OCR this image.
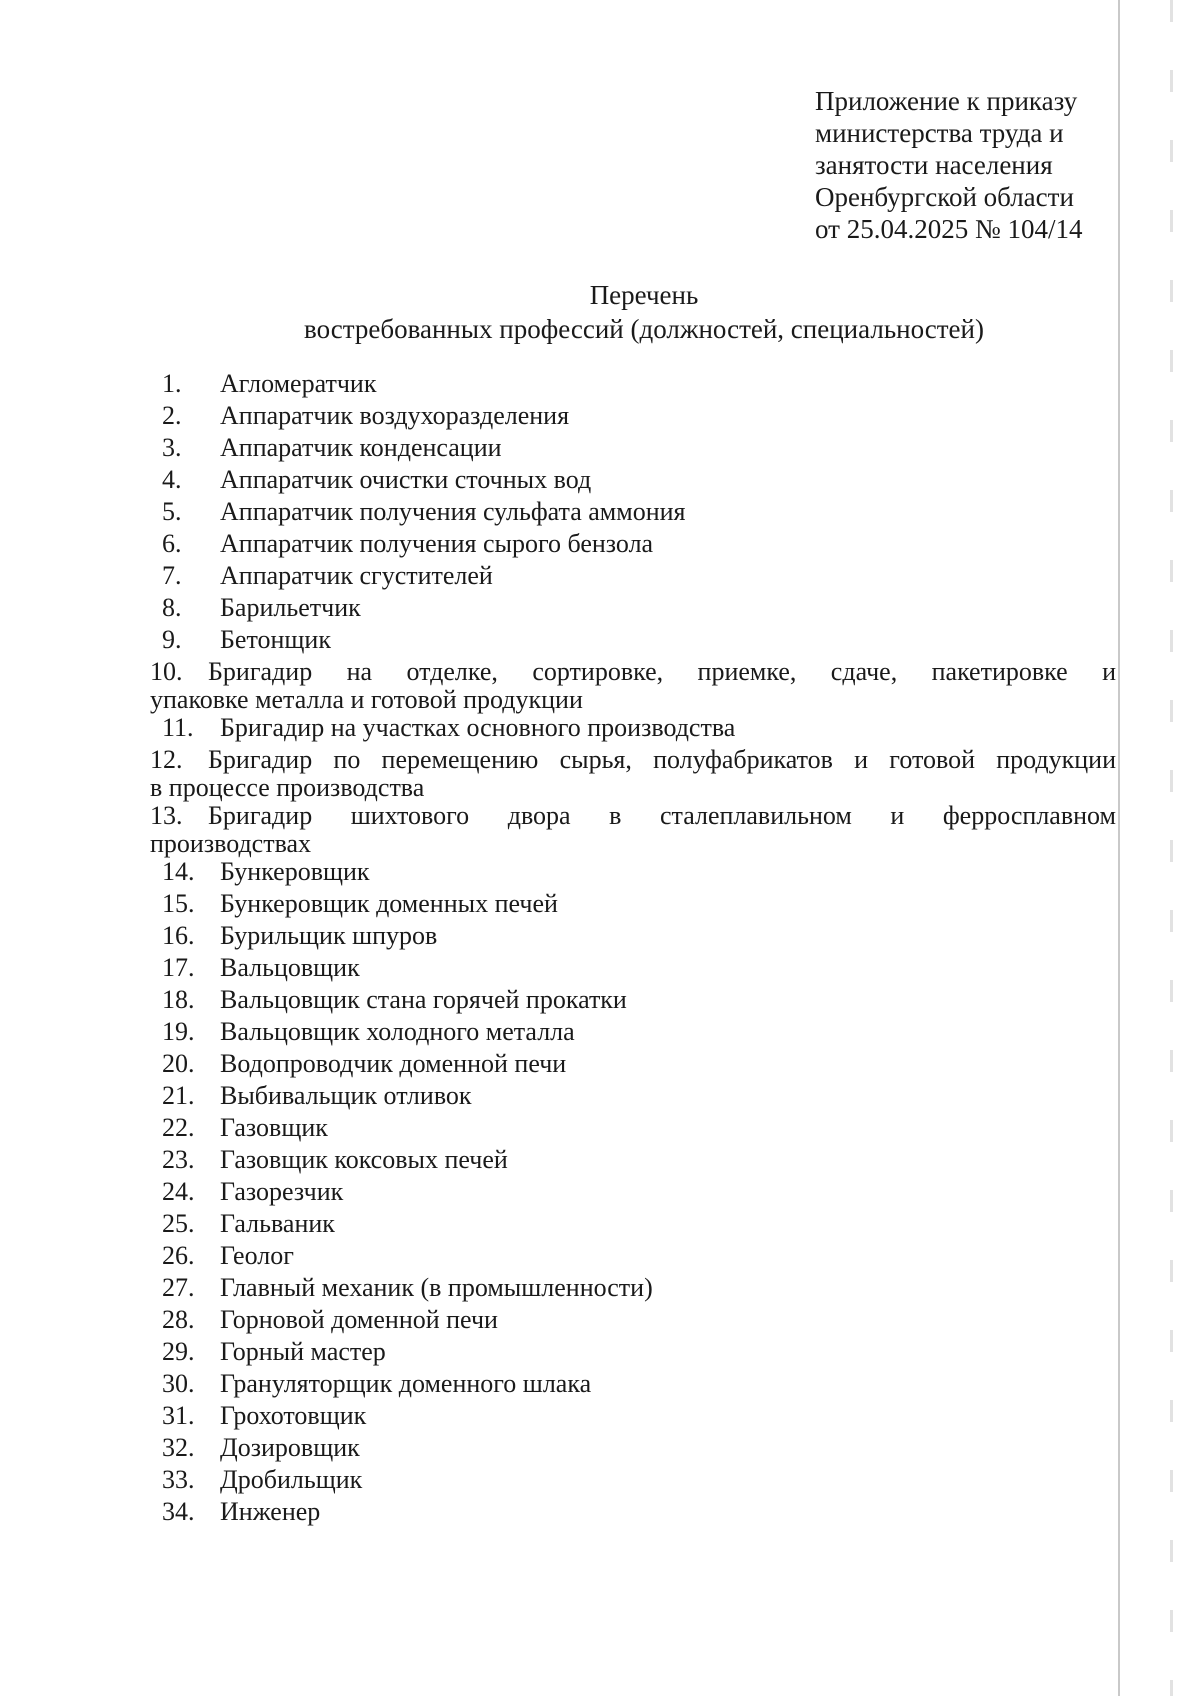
Приложение к приказу
министерства труда и
занятости населения
Оренбургской области
от 25.04.2025 № 104/14
Перечень
востребованных профессий (должностей, специальностей)
1. Агломератчик
2. Аппаратчик воздухоразделения
3. Аппаратчик конденсации
4. Аппаратчик очистки сточных вод
5. Аппаратчик получения сульфата аммония
6. Аппаратчик получения сырого бензола
7. Аппаратчик сгустителей
8. Барильетчик
9. Бетонщик
10. Бригадир на отделке, сортировке, приемке, сдаче, пакетировке и
упаковке металла и готовой продукции
11. Бригадир на участках основного производства
12. Бригадир по перемещению сырья, полуфабрикатов и готовой продукции
в процессе производства
13. Бригадир шихтового двора в сталеплавильном и ферросплавном
производствах
14. Бункеровщик
15. Бункеровщик доменных печей
16. Бурильщик шпуров
17. Вальцовщик
18. Вальцовщик стана горячей прокатки
19. Вальцовщик холодного металла
20. Водопроводчик доменной печи
21. Выбивальщик отливок
22. Газовщик
23. Газовщик коксовых печей
24. Газорезчик
25. Гальваник
26. Геолог
27. Главный механик (в промышленности)
28. Горновой доменной печи
29. Горный мастер
30. Грануляторщик доменного шлака
31. Грохотовщик
32. Дозировщик
33. Дробильщик
34. Инженер
